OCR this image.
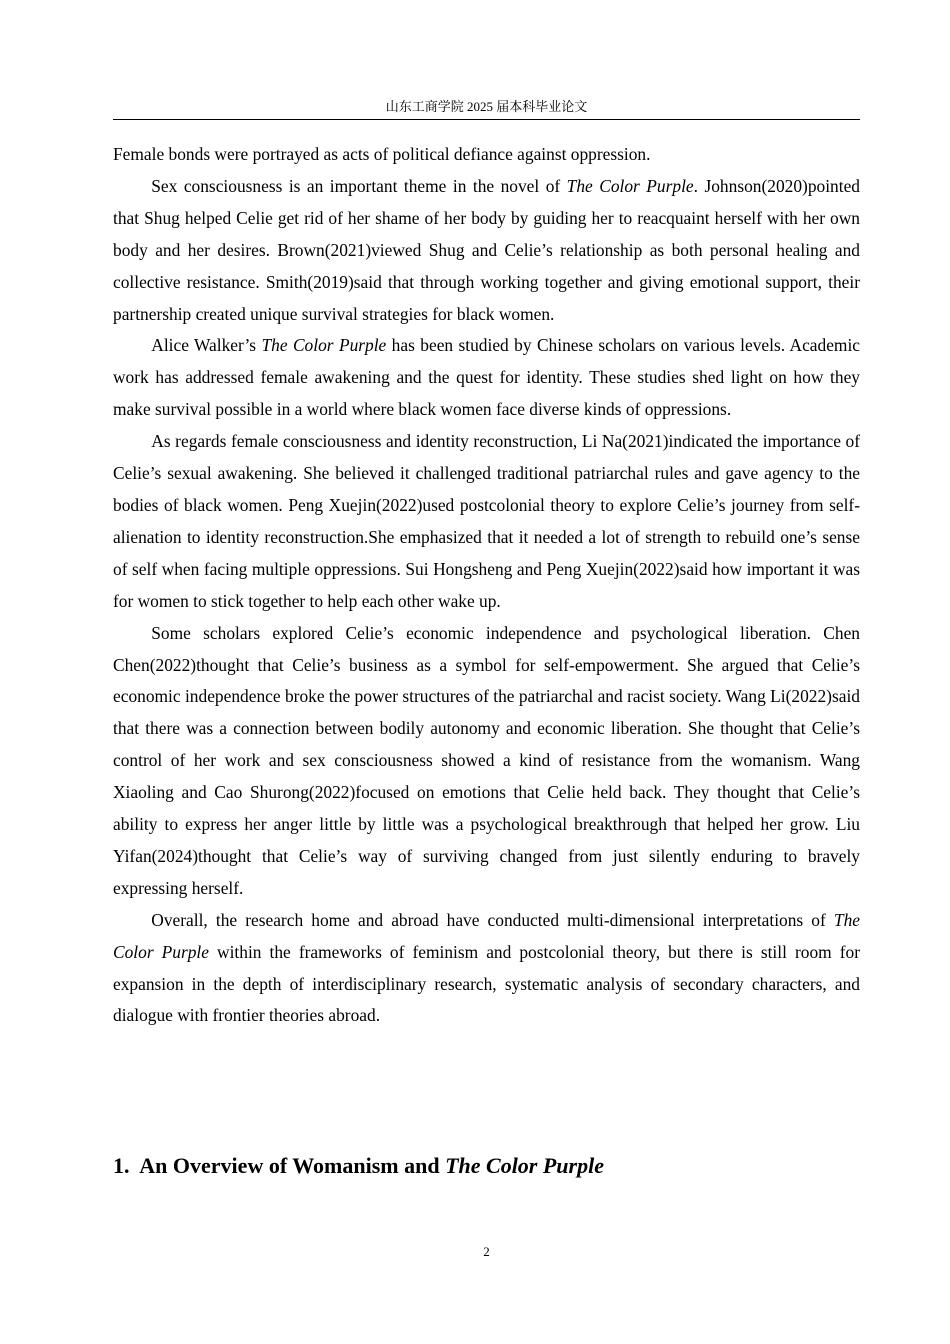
山东工商学院 2025 届本科毕业论文

Female bonds were portrayed as acts of political defiance against oppression.

Sex consciousness is an important theme in the novel of The Color Purple. Johnson(2020)pointed that Shug helped Celie get rid of her shame of her body by guiding her to reacquaint herself with her own body and her desires. Brown(2021)viewed Shug and Celie’s relationship as both personal healing and collective resistance. Smith(2019)said that through working together and giving emotional support, their partnership created unique survival strategies for black women.

Alice Walker’s The Color Purple has been studied by Chinese scholars on various levels. Academic work has addressed female awakening and the quest for identity. These studies shed light on how they make survival possible in a world where black women face diverse kinds of oppressions.

As regards female consciousness and identity reconstruction, Li Na(2021)indicated the importance of Celie’s sexual awakening. She believed it challenged traditional patriarchal rules and gave agency to the bodies of black women. Peng Xuejin(2022)used postcolonial theory to explore Celie’s journey from self-alienation to identity reconstruction.She emphasized that it needed a lot of strength to rebuild one’s sense of self when facing multiple oppressions. Sui Hongsheng and Peng Xuejin(2022)said how important it was for women to stick together to help each other wake up.

Some scholars explored Celie’s economic independence and psychological liberation. Chen Chen(2022)thought that Celie’s business as a symbol for self-empowerment. She argued that Celie’s economic independence broke the power structures of the patriarchal and racist society. Wang Li(2022)said that there was a connection between bodily autonomy and economic liberation. She thought that Celie’s control of her work and sex consciousness showed a kind of resistance from the womanism. Wang Xiaoling and Cao Shurong(2022)focused on emotions that Celie held back. They thought that Celie’s ability to express her anger little by little was a psychological breakthrough that helped her grow. Liu Yifan(2024)thought that Celie’s way of surviving changed from just silently enduring to bravely expressing herself.

Overall, the research home and abroad have conducted multi-dimensional interpretations of The Color Purple within the frameworks of feminism and postcolonial theory, but there is still room for expansion in the depth of interdisciplinary research, systematic analysis of secondary characters, and dialogue with frontier theories abroad.

1. An Overview of Womanism and The Color Purple
2
